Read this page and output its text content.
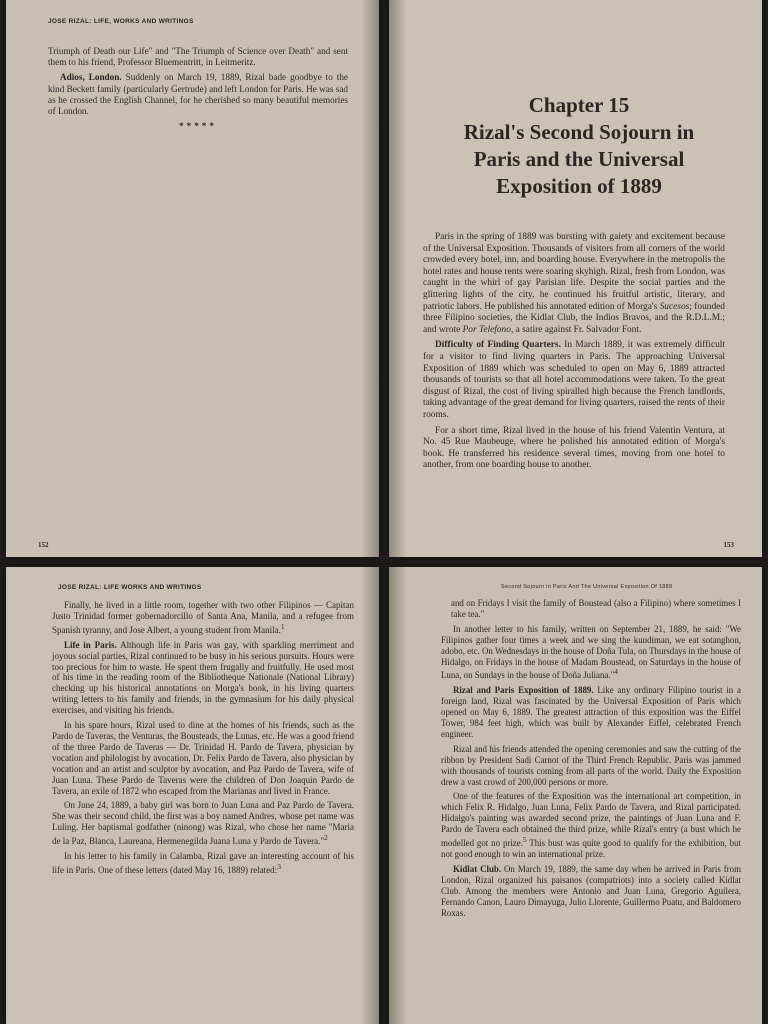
JOSE RIZAL: LIFE, WORKS AND WRITINGS

Triumph of Death our Life" and "The Triumph of Science over Death" and sent them to his friend, Professor Bluementritt, in Leitmeritz.

Adios, London. Suddenly on March 19, 1889, Rizal bade goodbye to the kind Beckett family (particularly Gertrude) and left London for Paris. He was sad as he crossed the English Channel, for he cherished so many beautiful memories of London.

*****

152
Chapter 15
Rizal's Second Sojourn in
Paris and the Universal
Exposition of 1889

Paris in the spring of 1889 was bursting with gaiety and excitement because of the Universal Exposition. Thousands of visitors from all corners of the world crowded every hotel, inn, and boarding house. Everywhere in the metropolis the hotel rates and house rents were soaring skyhigh. Rizal, fresh from London, was caught in the whirl of gay Parisian life. Despite the social parties and the glittering lights of the city, he continued his fruitful artistic, literary, and patriotic labors. He published his annotated edition of Morga's Sucesos; founded three Filipino societies, the Kidlat Club, the Indios Bravos, and the R.D.L.M.; and wrote Por Telefono, a satire against Fr. Salvador Font.

Difficulty of Finding Quarters. In March 1889, it was extremely difficult for a visitor to find living quarters in Paris. The approaching Universal Exposition of 1889 which was scheduled to open on May 6, 1889 attracted thousands of tourists so that all hotel accommodations were taken. To the great disgust of Rizal, the cost of living spiralled high because the French landlords, taking advantage of the great demand for living quarters, raised the rents of their rooms.

For a short time, Rizal lived in the house of his friend Valentin Ventura, at No. 45 Rue Maubeuge, where he polished his annotated edition of Morga's book. He transferred his residence several times, moving from one hotel to another, from one boarding house to another.

153
JOSE RIZAL: LIFE WORKS AND WRITINGS

Finally, he lived in a little room, together with two other Filipinos — Capitan Justo Trinidad former gobernadorcillo of Santa Ana, Manila, and a refugee from Spanish tyranny, and Jose Albert, a young student from Manila.$^1$

Life in Paris. Although life in Paris was gay, with sparkling merriment and joyous social parties, Rizal continued to be busy in his serious pursuits. Hours were too precious for him to waste. He spent them frugally and fruitfully. He used most of his time in the reading room of the Bibliotheque Nationale (National Library) checking up his historical annotations on Morga's book, in his living quarters writing letters to his family and friends, in the gymnasium for his daily physical exercises, and visiting his friends.

In his spare hours, Rizal used to dine at the homes of his friends, such as the Pardo de Taveras, the Venturas, the Bousteads, the Lunas, etc. He was a good friend of the three Pardo de Taveras — Dr. Trinidad H. Pardo de Tavera, physician by vocation and philologist by avocation, Dr. Felix Pardo de Tavera, also physician by vocation and an artist and sculptor by avocation, and Paz Pardo de Tavera, wife of Juan Luna. These Pardo de Taveras were the children of Don Joaquin Pardo de Tavera, an exile of 1872 who escaped from the Marianas and lived in France.

On June 24, 1889, a baby girl was born to Juan Luna and Paz Pardo de Tavera. She was their second child, the first was a boy named Andres, whose pet name was Luling. Her baptismal godfather (ninong) was Rizal, who chose her name "Maria de la Paz, Blanca, Laureana, Hermenegilda Juana Luna y Pardo de Tavera."$^2$

In his letter to his family in Calamba, Rizal gave an interesting account of his life in Paris. One of these letters (dated May 16, 1889) related:$^3$

Second Sojourn in Paris And The Universal Exposition Of 1889

and on Fridays I visit the family of Boustead (also a Filipino) where sometimes I take tea."

In another letter to his family, written on September 21, 1889, he said: "We Filipinos gather four times a week and we sing the kundiman, we eat sotanghon, adobo, etc. On Wednesdays in the house of Doña Tula, on Thursdays in the house of Hidalgo, on Fridays in the house of Madam Boustead, on Saturdays in the house of Luna, on Sundays in the house of Doña Juliana."$^4$

Rizal and Paris Exposition of 1889. Like any ordinary Filipino tourist in a foreign land, Rizal was fascinated by the Universal Exposition of Paris which opened on May 6, 1889. The greatest attraction of this exposition was the Eiffel Tower, 984 feet high, which was built by Alexander Eiffel, celebrated French engineer.

Rizal and his friends attended the opening ceremonies and saw the cutting of the ribbon by President Sadi Carnot of the Third French Republic. Paris was jammed with thousands of tourists coming from all parts of the world. Daily the Exposition drew a vast crowd of 200,000 persons or more.

One of the features of the Exposition was the international art competition, in which Felix R. Hidalgo, Juan Luna, Felix Pardo de Tavera, and Rizal participated. Hidalgo's painting was awarded second prize, the paintings of Juan Luna and F. Pardo de Tavera each obtained the third prize, while Rizal's entry (a bust which he modelled got no prize.$^5$ This bust was quite good to qualify for the exhibition, but not good enough to win an international prize.

Kidlat Club. On March 19, 1889, the same day when he arrived in Paris from London, Rizal organized his paisanos (compatriots) into a society called Kidlat Club. Among the members were Antonio and Juan Luna, Gregorio Aguilera, Fernando Canon, Lauro Dimayuga, Julio Llorente, Guillermo Puatu, and Baldomero Roxas.
